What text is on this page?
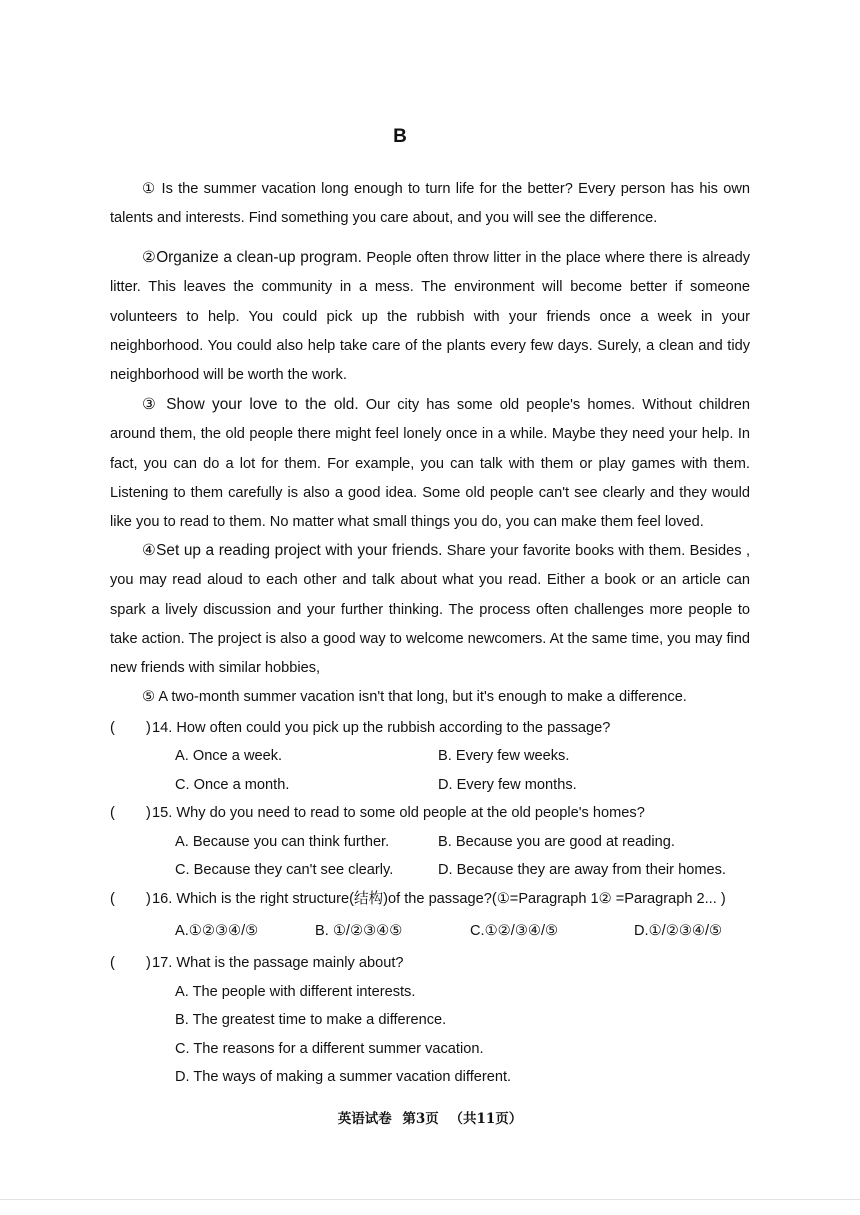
B

① Is the summer vacation long enough to turn life for the better? Every person has his own talents and interests. Find something you care about, and you will see the difference.

②Organize a clean-up program. People often throw litter in the place where there is already litter. This leaves the community in a mess. The environment will become better if someone volunteers to help. You could pick up the rubbish with your friends once a week in your neighborhood. You could also help take care of the plants every few days. Surely, a clean and tidy neighborhood will be worth the work.

③ Show your love to the old. Our city has some old people's homes. Without children around them, the old people there might feel lonely once in a while. Maybe they need your help. In fact, you can do a lot for them. For example, you can talk with them or play games with them. Listening to them carefully is also a good idea. Some old people can't see clearly and they would like you to read to them. No matter what small things you do, you can make them feel loved.

④Set up a reading project with your friends. Share your favorite books with them. Besides , you may read aloud to each other and talk about what you read. Either a book or an article can spark a lively discussion and your further thinking. The process often challenges more people to take action. The project is also a good way to welcome newcomers. At the same time, you may find new friends with similar hobbies,

⑤ A two-month summer vacation isn't that long, but it's enough to make a difference.

( ) 14. How often could you pick up the rubbish according to the passage?
A. Once a week.	B. Every few weeks.
C. Once a month.	D. Every few months.
( ) 15. Why do you need to read to some old people at the old people's homes?
A. Because you can think further.	B. Because you are good at reading.
C. Because they can't see clearly.	D. Because they are away from their homes.
( ) 16. Which is the right structure(结构)of the passage?(①=Paragraph 1② =Paragraph 2... )
A.①②③④/⑤	B. ①/②③④⑤	C.①②/③④/⑤	D.①/②③④/⑤
( ) 17. What is the passage mainly about?
A. The people with different interests.
B. The greatest time to make a difference.
C. The reasons for a different summer vacation.
D. The ways of making a summer vacation different.
英语试卷 第3页 （共11页）
